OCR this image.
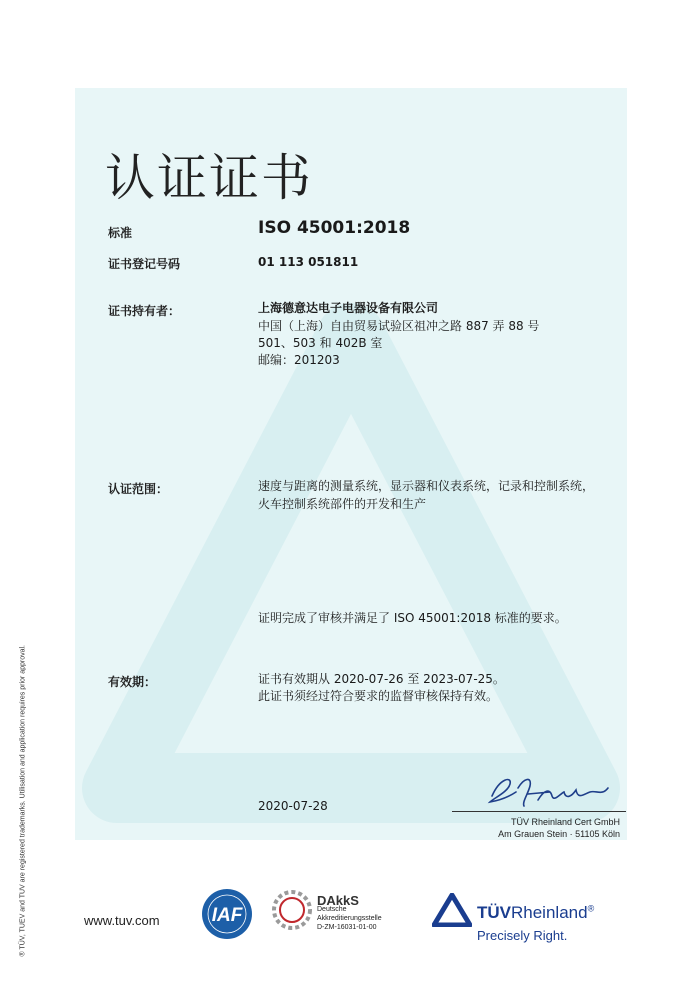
认证证书
标准	ISO 45001:2018
证书登记号码	01 113 051811
证书持有者：	上海德意达电子电器设备有限公司
中国（上海）自由贸易试验区祖冲之路 887 弄 88 号
501、503 和 402B 室
邮编：201203
认证范围：	速度与距离的测量系统，显示器和仪表系统，记录和控制系统，
火车控制系统部件的开发和生产
证明完成了审核并满足了 ISO 45001:2018 标准的要求。
有效期：	证书有效期从 2020-07-26 至 2023-07-25。
此证书须经过符合要求的监督审核保持有效。
2020-07-28
TÜV Rheinland Cert GmbH
Am Grauen Stein · 51105 Köln
® TÜV, TUEV and TUV are registered trademarks. Utilisation and application requires prior approval.	www.tuv.com	IAF
DAkkS
Deutsche
Akkreditierungsstelle
D-ZM-16031-01-00
TÜVRheinland®
Precisely Right.
